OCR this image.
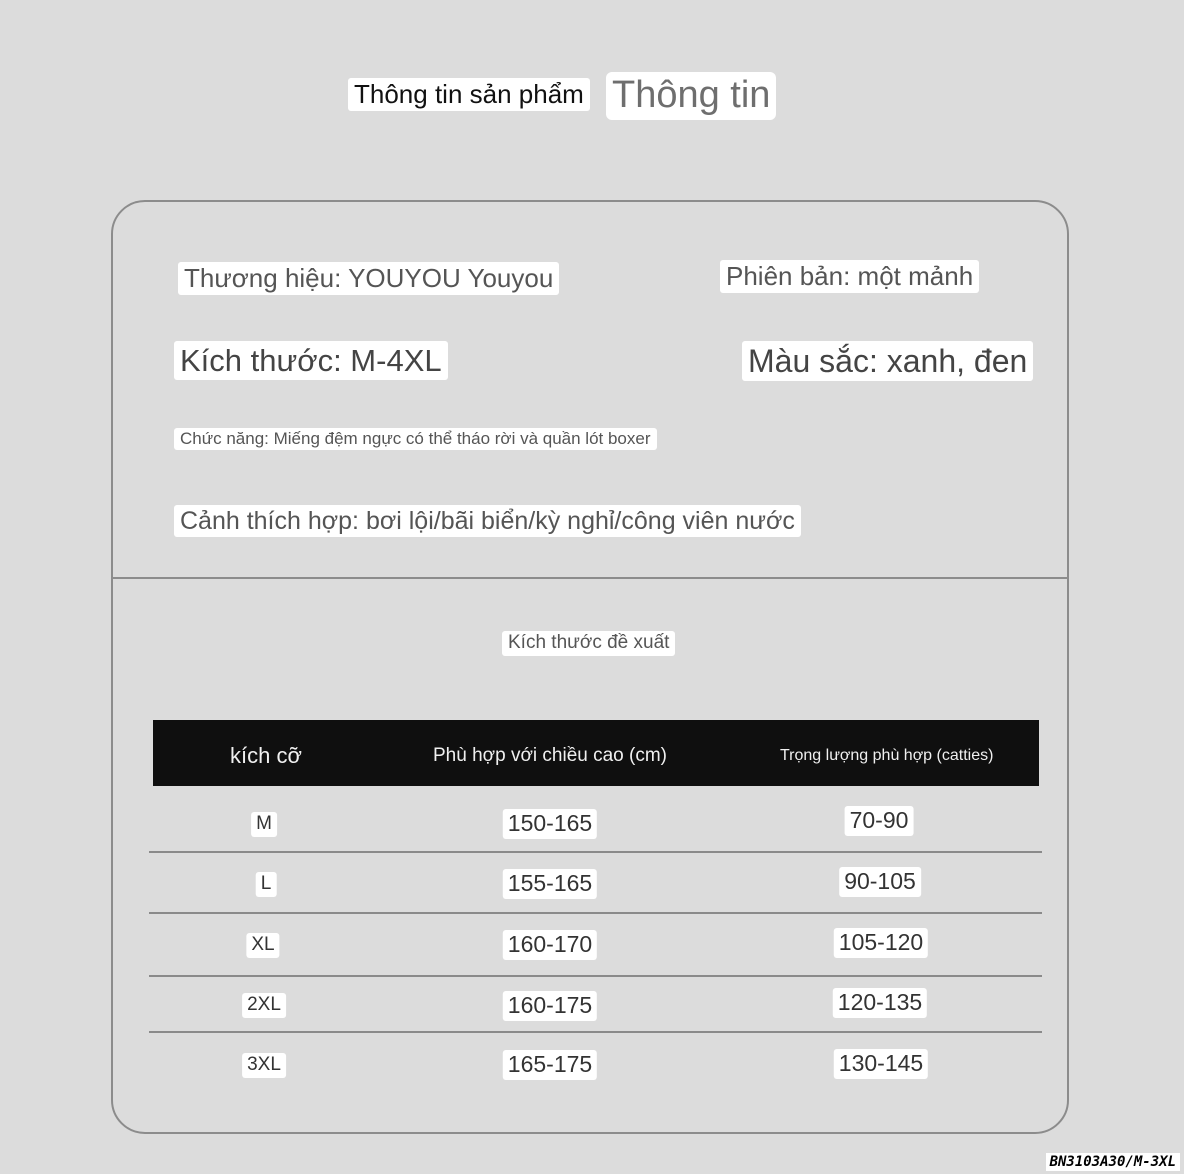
Thông tin sản phẩm Thông tin
Thương hiệu: YOUYOU Youyou	Phiên bản: một mảnh
Kích thước: M-4XL	Màu sắc: xanh, đen
Chức năng: Miếng đệm ngực có thể tháo rời và quần lót boxer
Cảnh thích hợp: bơi lội/bãi biển/kỳ nghỉ/công viên nước
Kích thước đề xuất
kích cỡ	Phù hợp với chiều cao (cm)	Trọng lượng phù hợp (catties)
M	150-165	70-90
L	155-165	90-105
XL	160-170	105-120
2XL	160-175	120-135
3XL	165-175	130-145
BN3103A30/M-3XL
